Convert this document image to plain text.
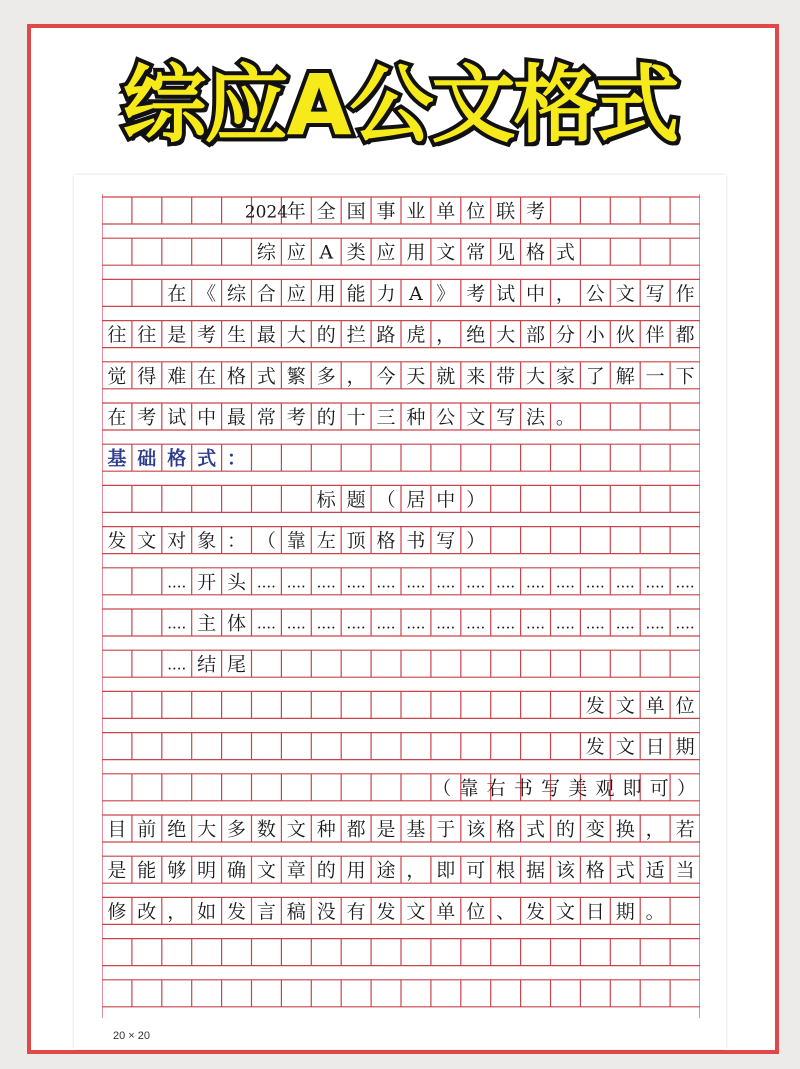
综应A公文格式
2024
年 全 国 事 业 单 位 联 考
综 应 A 类 应 用 文 常 见 格 式
在 《 综 合 应 用 能 力 A 》 考 试 中 ， 公 文 写 作
往 往 是 考 生 最 大 的 拦 路 虎 ， 绝 大 部 分 小 伙 伴 都
觉 得 难 在 格 式 繁 多 ， 今 天 就 来 带 大 家 了 解 一 下
在 考 试 中 最 常 考 的 十 三 种 公 文 写 法 。
基 础 格 式 ：
标 题 （ 居 中 ）
发 文 对 象 ： （ 靠 左 顶 格 书 写 ）
.... 开 头 .... .... .... .... .... .... .... .... .... .... .... .... .... .... ....
.... 主 体 .... .... .... .... .... .... .... .... .... .... .... .... .... .... ....
.... 结 尾
发 文 单 位
发 文 日 期
（ 靠 右 书 写 美 观 即 可 ）
目 前 绝 大 多 数 文 种 都 是 基 于 该 格 式 的 变 换 ， 若
是 能 够 明 确 文 章 的 用 途 ， 即 可 根 据 该 格 式 适 当
修 改 ， 如 发 言 稿 没 有 发 文 单 位 、 发 文 日 期 。
20 × 20
